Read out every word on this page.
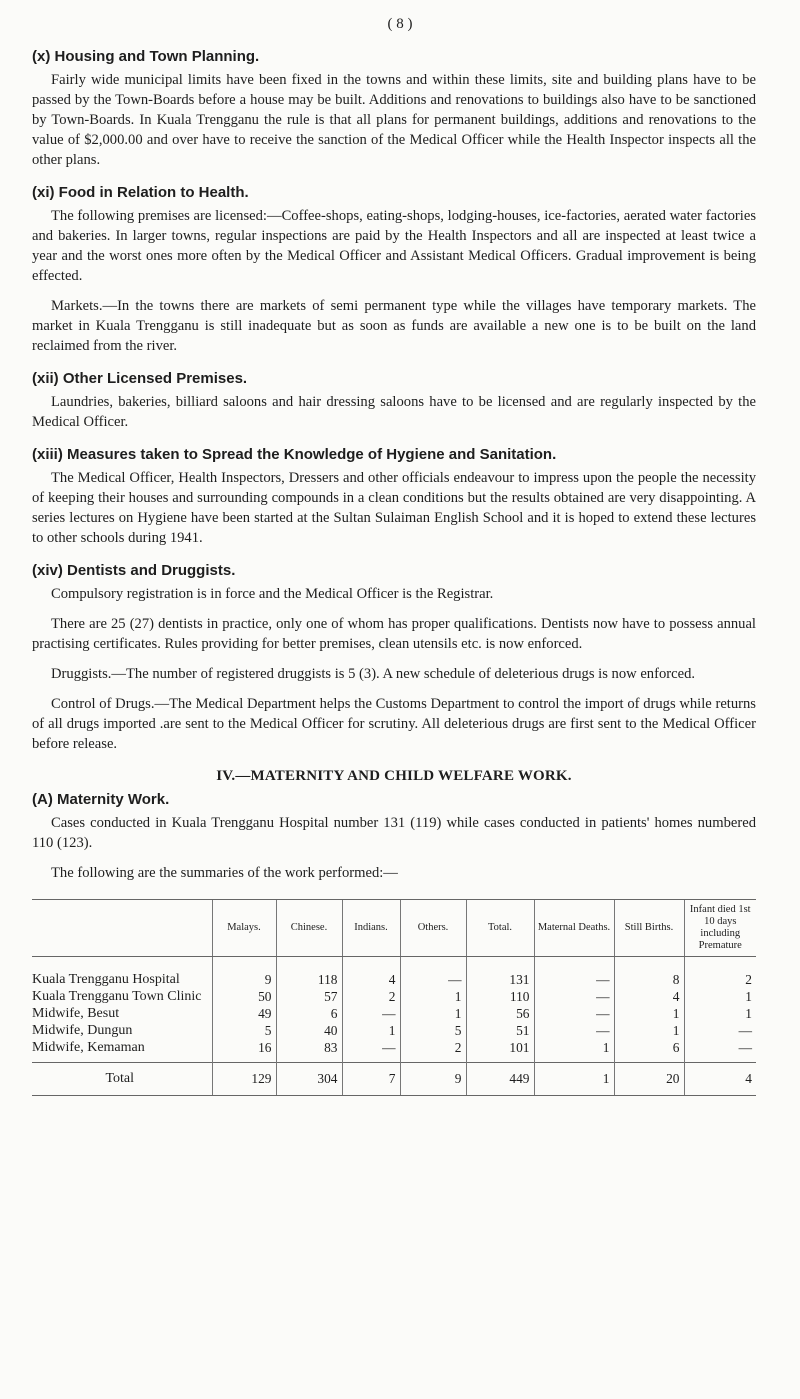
( 8 )
(x) Housing and Town Planning.

Fairly wide municipal limits have been fixed in the towns and within these limits, site and building plans have to be passed by the Town-Boards before a house may be built. Additions and renovations to buildings also have to be sanctioned by Town-Boards. In Kuala Trengganu the rule is that all plans for permanent buildings, additions and renovations to the value of $2,000.00 and over have to receive the sanction of the Medical Officer while the Health Inspector inspects all the other plans.

(xi) Food in Relation to Health.

The following premises are licensed:—Coffee-shops, eating-shops, lodging-houses, ice-factories, aerated water factories and bakeries. In larger towns, regular inspections are paid by the Health Inspectors and all are inspected at least twice a year and the worst ones more often by the Medical Officer and Assistant Medical Officers. Gradual improvement is being effected.

Markets.—In the towns there are markets of semi permanent type while the villages have temporary markets. The market in Kuala Trengganu is still inadequate but as soon as funds are available a new one is to be built on the land reclaimed from the river.

(xii) Other Licensed Premises.

Laundries, bakeries, billiard saloons and hair dressing saloons have to be licensed and are regularly inspected by the Medical Officer.

(xiii) Measures taken to Spread the Knowledge of Hygiene and Sanitation.

The Medical Officer, Health Inspectors, Dressers and other officials endeavour to impress upon the people the necessity of keeping their houses and surrounding compounds in a clean conditions but the results obtained are very disappointing. A series lectures on Hygiene have been started at the Sultan Sulaiman English School and it is hoped to extend these lectures to other schools during 1941.

(xiv) Dentists and Druggists.

Compulsory registration is in force and the Medical Officer is the Registrar.

There are 25 (27) dentists in practice, only one of whom has proper qualifications. Dentists now have to possess annual practising certificates. Rules providing for better premises, clean utensils etc. is now enforced.

Druggists.—The number of registered druggists is 5 (3). A new schedule of deleterious drugs is now enforced.

Control of Drugs.—The Medical Department helps the Customs Department to control the import of drugs while returns of all drugs imported .are sent to the Medical Officer for scrutiny. All deleterious drugs are first sent to the Medical Officer before release.

IV.—MATERNITY AND CHILD WELFARE WORK.
(A) Maternity Work.

Cases conducted in Kuala Trengganu Hospital number 131 (119) while cases conducted in patients' homes numbered 110 (123).

The following are the summaries of the work performed:—

	Malays.	Chinese.	Indians.	Others.	Total.	Maternal Deaths.	Still Births.	Infant died 1st 10 days including Premature
Kuala Trengganu Hospital	9	118	4	—	131	—	8	2
Kuala Trengganu Town Clinic	50	57	2	1	110	—	4	1
Midwife, Besut	49	6	—	1	56	—	1	1
Midwife, Dungun	5	40	1	5	51	—	1	—
Midwife, Kemaman	16	83	—	2	101	1	6	—
Total	129	304	7	9	449	1	20	4
